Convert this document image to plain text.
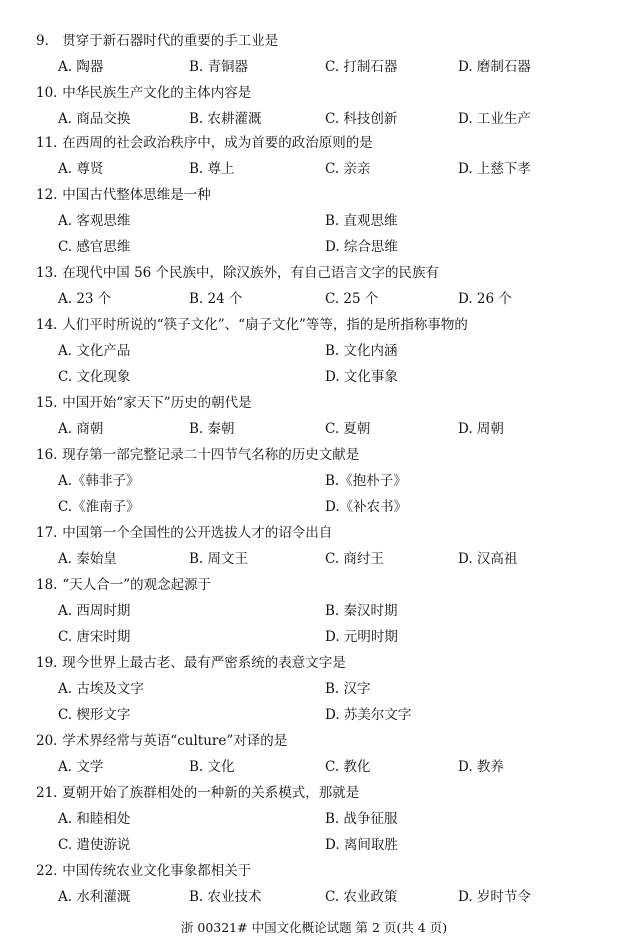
9. 贯穿于新石器时代的重要的手工业是
A. 陶器	B. 青铜器	C. 打制石器	D. 磨制石器
10. 中华民族生产文化的主体内容是
A. 商品交换	B. 农耕灌溉	C. 科技创新	D. 工业生产
11. 在西周的社会政治秩序中，成为首要的政治原则的是
A. 尊贤	B. 尊上	C. 亲亲	D. 上慈下孝
12. 中国古代整体思维是一种
A. 客观思维	B. 直观思维
C. 感官思维	D. 综合思维
13. 在现代中国 56 个民族中，除汉族外，有自己语言文字的民族有
A. 23 个	B. 24 个	C. 25 个	D. 26 个
14. 人们平时所说的“筷子文化”、“扇子文化”等等，指的是所指称事物的
A. 文化产品	B. 文化内涵
C. 文化现象	D. 文化事象
15. 中国开始“家天下”历史的朝代是
A. 商朝	B. 秦朝	C. 夏朝	D. 周朝
16. 现存第一部完整记录二十四节气名称的历史文献是
A.《韩非子》	B.《抱朴子》
C.《淮南子》	D.《补农书》
17. 中国第一个全国性的公开选拔人才的诏令出自
A. 秦始皇	B. 周文王	C. 商纣王	D. 汉高祖
18. “天人合一”的观念起源于
A. 西周时期	B. 秦汉时期
C. 唐宋时期	D. 元明时期
19. 现今世界上最古老、最有严密系统的表意文字是
A. 古埃及文字	B. 汉字
C. 楔形文字	D. 苏美尔文字
20. 学术界经常与英语“culture”对译的是
A. 文学	B. 文化	C. 教化	D. 教养
21. 夏朝开始了族群相处的一种新的关系模式，那就是
A. 和睦相处	B. 战争征服
C. 遣使游说	D. 离间取胜
22. 中国传统农业文化事象都相关于
A. 水利灌溉	B. 农业技术	C. 农业政策	D. 岁时节令
浙 00321# 中国文化概论试题 第 2 页(共 4 页)
